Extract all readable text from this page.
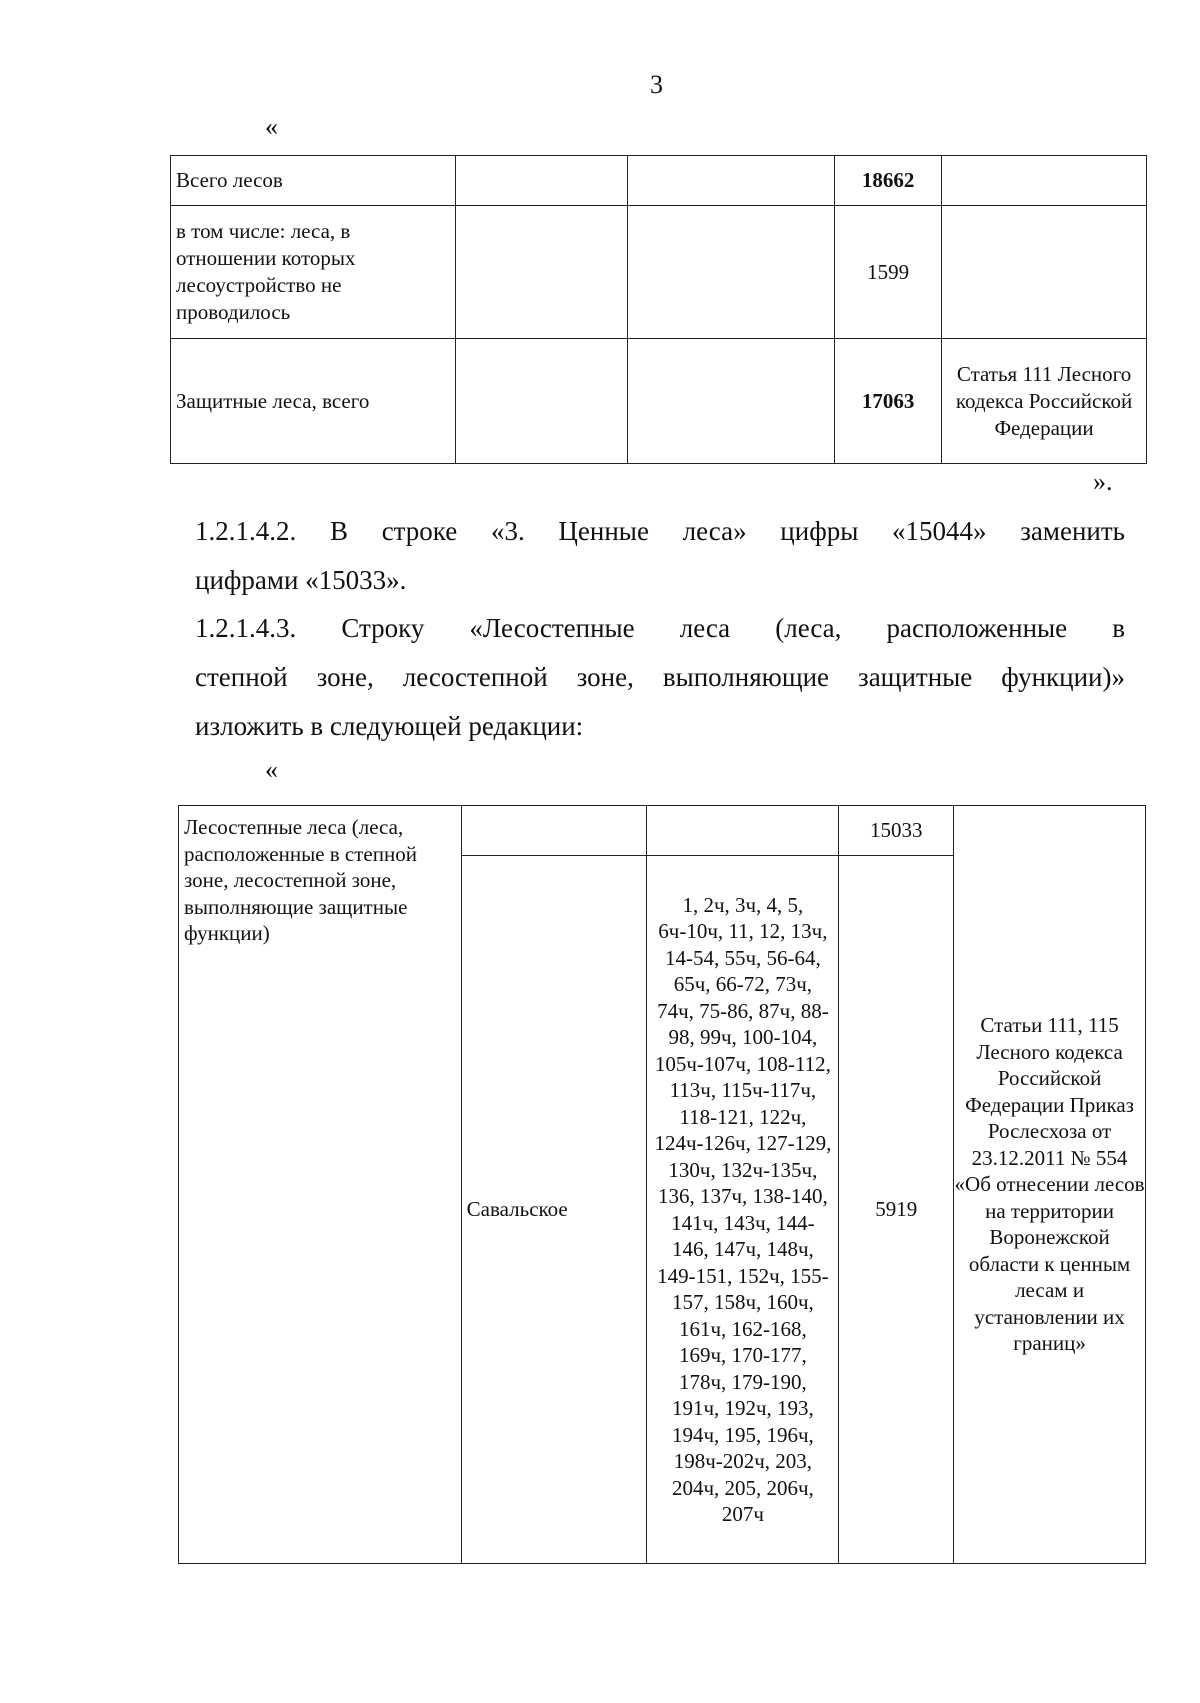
3
«
Всего лесов			18662	
в том числе: леса, в отношении которых лесоустройство не проводилось			1599	
Защитные леса, всего			17063	Статья 111 Лесного кодекса Российской Федерации
».
1.2.1.4.2. В строке «3. Ценные леса» цифры «15044» заменить
цифрами «15033».
1.2.1.4.3. Строку «Лесостепные леса (леса, расположенные в
степной зоне, лесостепной зоне, выполняющие защитные функции)»
изложить в следующей редакции:
«
Лесостепные леса (леса, расположенные в степной зоне, лесостепной зоне, выполняющие защитные функции)			15033	Статьи 111, 115 Лесного кодекса Российской Федерации Приказ Рослесхоза от 23.12.2011 № 554 «Об отнесении лесов на территории Воронежской области к ценным лесам и установлении их границ»
	Савальское	1, 2ч, 3ч, 4, 5, 6ч-10ч, 11, 12, 13ч, 14-54, 55ч, 56-64, 65ч, 66-72, 73ч, 74ч, 75-86, 87ч, 88-98, 99ч, 100-104, 105ч-107ч, 108-112, 113ч, 115ч-117ч, 118-121, 122ч, 124ч-126ч, 127-129, 130ч, 132ч-135ч, 136, 137ч, 138-140, 141ч, 143ч, 144-146, 147ч, 148ч, 149-151, 152ч, 155-157, 158ч, 160ч, 161ч, 162-168, 169ч, 170-177, 178ч, 179-190, 191ч, 192ч, 193, 194ч, 195, 196ч, 198ч-202ч, 203, 204ч, 205, 206ч, 207ч	5919	
